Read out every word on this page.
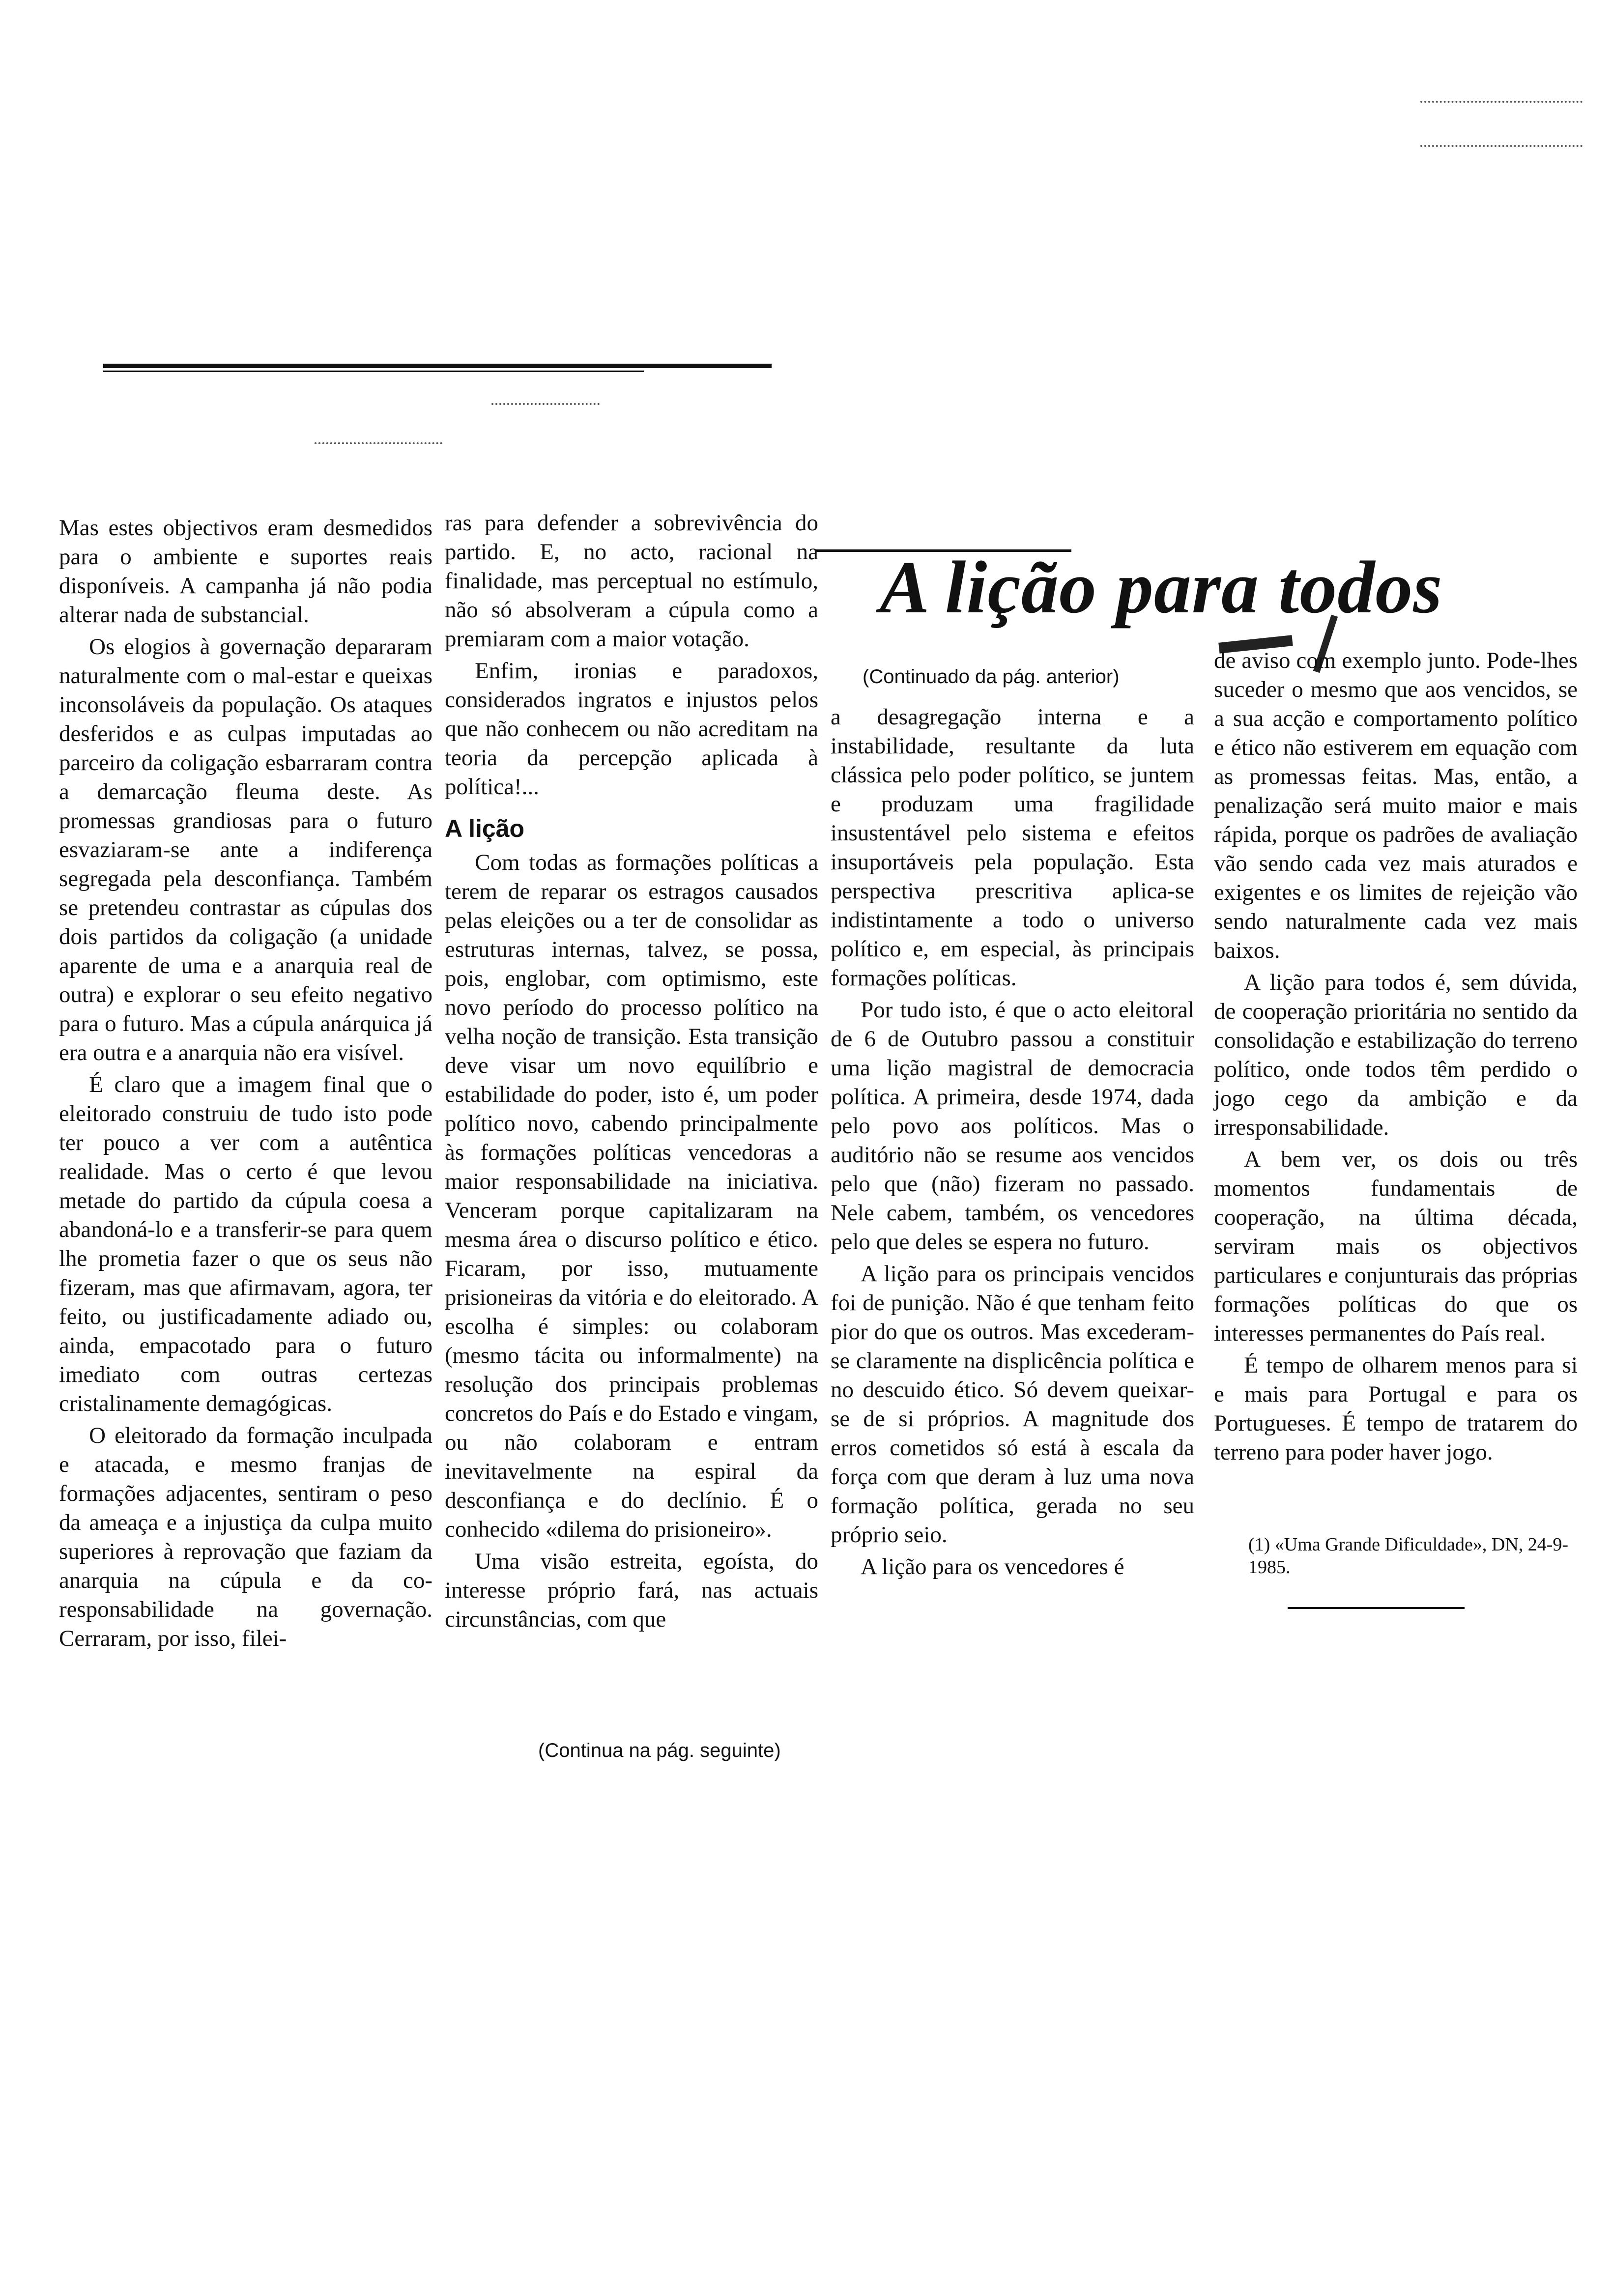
Mas estes objectivos eram desmedidos para o ambiente e suportes reais disponíveis. A campanha já não podia alterar nada de substancial.

Os elogios à governação depararam naturalmente com o mal-estar e queixas inconsoláveis da população. Os ataques desferidos e as culpas imputadas ao parceiro da coligação esbarraram contra a demarcação fleuma deste. As promessas grandiosas para o futuro esvaziaram-se ante a indiferença segregada pela desconfiança. Também se pretendeu contrastar as cúpulas dos dois partidos da coligação (a unidade aparente de uma e a anarquia real de outra) e explorar o seu efeito negativo para o futuro. Mas a cúpula anárquica já era outra e a anarquia não era visível.

É claro que a imagem final que o eleitorado construiu de tudo isto pode ter pouco a ver com a autêntica realidade. Mas o certo é que levou metade do partido da cúpula coesa a abandoná-lo e a transferir-se para quem lhe prometia fazer o que os seus não fizeram, mas que afirmavam, agora, ter feito, ou justificadamente adiado ou, ainda, empacotado para o futuro imediato com outras certezas cristalinamente demagógicas.

O eleitorado da formação inculpada e atacada, e mesmo franjas de formações adjacentes, sentiram o peso da ameaça e a injustiça da culpa muito superiores à reprovação que faziam da anarquia na cúpula e da co-responsabilidade na governação. Cerraram, por isso, filei-

ras para defender a sobrevivência do partido. E, no acto, racional na finalidade, mas perceptual no estímulo, não só absolveram a cúpula como a premiaram com a maior votação.

Enfim, ironias e paradoxos, considerados ingratos e injustos pelos que não conhecem ou não acreditam na teoria da percepção aplicada à política!...

A lição

Com todas as formações políticas a terem de reparar os estragos causados pelas eleições ou a ter de consolidar as estruturas internas, talvez, se possa, pois, englobar, com optimismo, este novo período do processo político na velha noção de transição. Esta transição deve visar um novo equilíbrio e estabilidade do poder, isto é, um poder político novo, cabendo principalmente às formações políticas vencedoras a maior responsabilidade na iniciativa. Venceram porque capitalizaram na mesma área o discurso político e ético. Ficaram, por isso, mutuamente prisioneiras da vitória e do eleitorado. A escolha é simples: ou colaboram (mesmo tácita ou informalmente) na resolução dos principais problemas concretos do País e do Estado e vingam, ou não colaboram e entram inevitavelmente na espiral da desconfiança e do declínio. É o conhecido «dilema do prisioneiro».

Uma visão estreita, egoísta, do interesse próprio fará, nas actuais circunstâncias, com que

(Continua na pág. seguinte)
A lição para todos
(Continuado da pág. anterior)

a desagregação interna e a instabilidade, resultante da luta clássica pelo poder político, se juntem e produzam uma fragilidade insustentável pelo sistema e efeitos insuportáveis pela população. Esta perspectiva prescritiva aplica-se indistintamente a todo o universo político e, em especial, às principais formações políticas.

Por tudo isto, é que o acto eleitoral de 6 de Outubro passou a constituir uma lição magistral de democracia política. A primeira, desde 1974, dada pelo povo aos políticos. Mas o auditório não se resume aos vencidos pelo que (não) fizeram no passado. Nele cabem, também, os vencedores pelo que deles se espera no futuro.

A lição para os principais vencidos foi de punição. Não é que tenham feito pior do que os outros. Mas excederam-se claramente na displicência política e no descuido ético. Só devem queixar-se de si próprios. A magnitude dos erros cometidos só está à escala da força com que deram à luz uma nova formação política, gerada no seu próprio seio.

A lição para os vencedores é

de aviso com exemplo junto. Pode-lhes suceder o mesmo que aos vencidos, se a sua acção e comportamento político e ético não estiverem em equação com as promessas feitas. Mas, então, a penalização será muito maior e mais rápida, porque os padrões de avaliação vão sendo cada vez mais aturados e exigentes e os limites de rejeição vão sendo naturalmente cada vez mais baixos.

A lição para todos é, sem dúvida, de cooperação prioritária no sentido da consolidação e estabilização do terreno político, onde todos têm perdido o jogo cego da ambição e da irresponsabilidade.

A bem ver, os dois ou três momentos fundamentais de cooperação, na última década, serviram mais os objectivos particulares e conjunturais das próprias formações políticas do que os interesses permanentes do País real.

É tempo de olharem menos para si e mais para Portugal e para os Portugueses. É tempo de tratarem do terreno para poder haver jogo.

(1) «Uma Grande Dificuldade», DN, 24-9-1985.
